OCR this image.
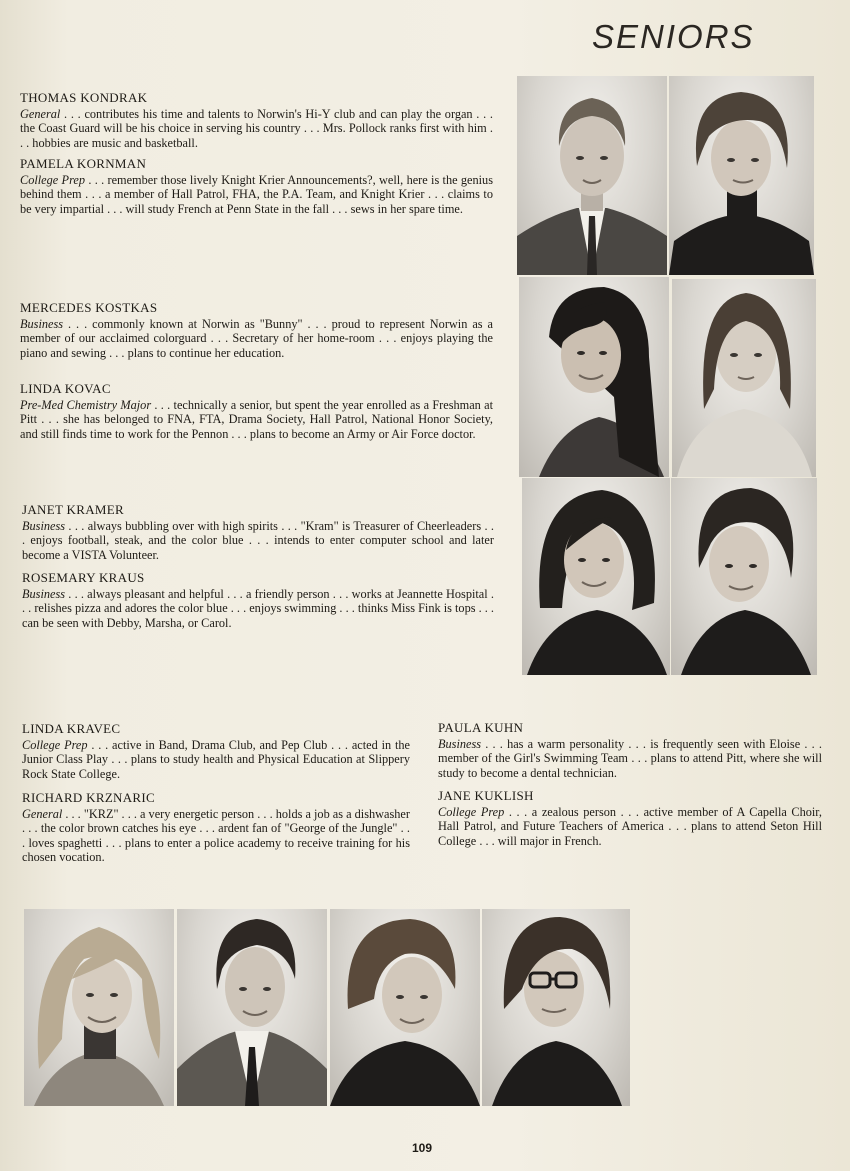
SENIORS
THOMAS KONDRAK
General . . . contributes his time and talents to Norwin's Hi-Y club and can play the organ . . . the Coast Guard will be his choice in serving his country . . . Mrs. Pollock ranks first with him . . . hobbies are music and basketball.
PAMELA KORNMAN
College Prep . . . remember those lively Knight Krier Announcements?, well, here is the genius behind them . . . a member of Hall Patrol, FHA, the P.A. Team, and Knight Krier . . . claims to be very impartial . . . will study French at Penn State in the fall . . . sews in her spare time.
MERCEDES KOSTKAS
Business . . . commonly known at Norwin as "Bunny" . . . proud to represent Norwin as a member of our acclaimed colorguard . . . Secretary of her home-room . . . enjoys playing the piano and sewing . . . plans to continue her education.
LINDA KOVAC
Pre-Med Chemistry Major . . . technically a senior, but spent the year enrolled as a Freshman at Pitt . . . she has belonged to FNA, FTA, Drama Society, Hall Patrol, National Honor Society, and still finds time to work for the Pennon . . . plans to become an Army or Air Force doctor.
JANET KRAMER
Business . . . always bubbling over with high spirits . . . "Kram" is Treasurer of Cheerleaders . . . enjoys football, steak, and the color blue . . . intends to enter computer school and later become a VISTA Volunteer.
ROSEMARY KRAUS
Business . . . always pleasant and helpful . . . a friendly person . . . works at Jeannette Hospital . . . relishes pizza and adores the color blue . . . enjoys swimming . . . thinks Miss Fink is tops . . . can be seen with Debby, Marsha, or Carol.
LINDA KRAVEC
College Prep . . . active in Band, Drama Club, and Pep Club . . . acted in the Junior Class Play . . . plans to study health and Physical Education at Slippery Rock State College.
RICHARD KRZNARIC
General . . . "KRZ" . . . a very energetic person . . . holds a job as a dishwasher . . . the color brown catches his eye . . . ardent fan of "George of the Jungle" . . . loves spaghetti . . . plans to enter a police academy to receive training for his chosen vocation.
PAULA KUHN
Business . . . has a warm personality . . . is frequently seen with Eloise . . . member of the Girl's Swimming Team . . . plans to attend Pitt, where she will study to become a dental technician.
JANE KUKLISH
College Prep . . . a zealous person . . . active member of A Capella Choir, Hall Patrol, and Future Teachers of America . . . plans to attend Seton Hill College . . . will major in French.
109
